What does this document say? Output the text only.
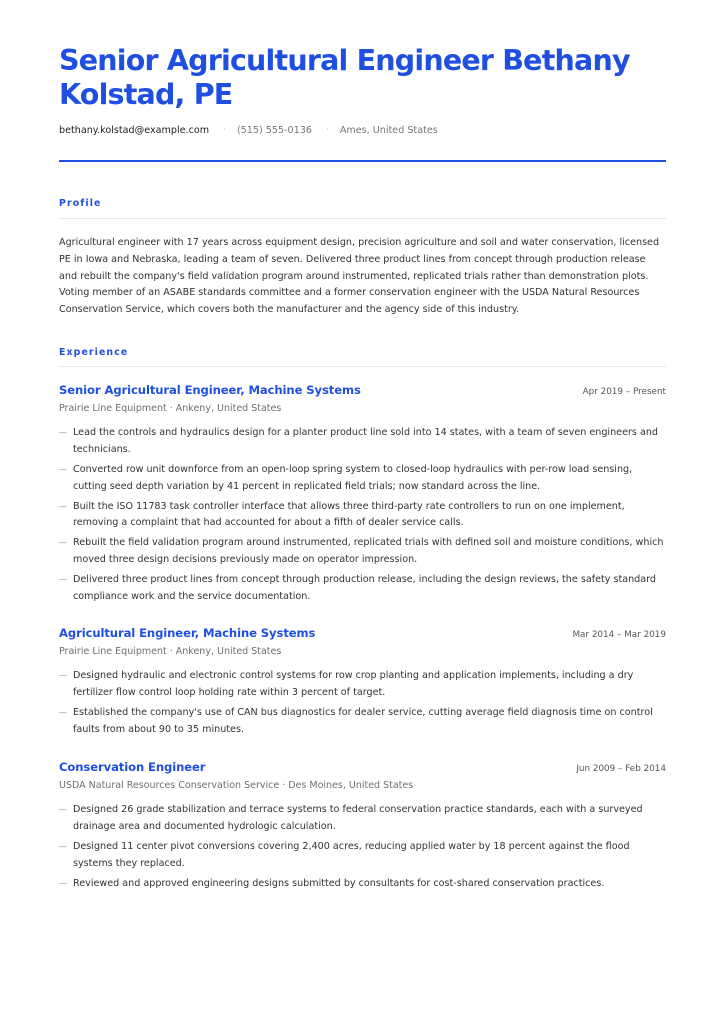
Senior Agricultural Engineer Bethany Kolstad, PE
bethany.kolstad@example.com · (515) 555-0136 · Ames, United States
Profile

Agricultural engineer with 17 years across equipment design, precision agriculture and soil and water conservation, licensed PE in Iowa and Nebraska, leading a team of seven. Delivered three product lines from concept through production release and rebuilt the company's field validation program around instrumented, replicated trials rather than demonstration plots. Voting member of an ASABE standards committee and a former conservation engineer with the USDA Natural Resources Conservation Service, which covers both the manufacturer and the agency side of this industry.

Experience
Senior Agricultural Engineer, Machine Systems	Apr 2019 – Present
Prairie Line Equipment · Ankeny, United States
— Lead the controls and hydraulics design for a planter product line sold into 14 states, with a team of seven engineers and technicians.
— Converted row unit downforce from an open-loop spring system to closed-loop hydraulics with per-row load sensing, cutting seed depth variation by 41 percent in replicated field trials; now standard across the line.
— Built the ISO 11783 task controller interface that allows three third-party rate controllers to run on one implement, removing a complaint that had accounted for about a fifth of dealer service calls.
— Rebuilt the field validation program around instrumented, replicated trials with defined soil and moisture conditions, which moved three design decisions previously made on operator impression.
— Delivered three product lines from concept through production release, including the design reviews, the safety standard compliance work and the service documentation.
Agricultural Engineer, Machine Systems	Mar 2014 – Mar 2019
Prairie Line Equipment · Ankeny, United States
— Designed hydraulic and electronic control systems for row crop planting and application implements, including a dry fertilizer flow control loop holding rate within 3 percent of target.
— Established the company's use of CAN bus diagnostics for dealer service, cutting average field diagnosis time on control faults from about 90 to 35 minutes.
Conservation Engineer	Jun 2009 – Feb 2014
USDA Natural Resources Conservation Service · Des Moines, United States
— Designed 26 grade stabilization and terrace systems to federal conservation practice standards, each with a surveyed drainage area and documented hydrologic calculation.
— Designed 11 center pivot conversions covering 2,400 acres, reducing applied water by 18 percent against the flood systems they replaced.
— Reviewed and approved engineering designs submitted by consultants for cost-shared conservation practices.
